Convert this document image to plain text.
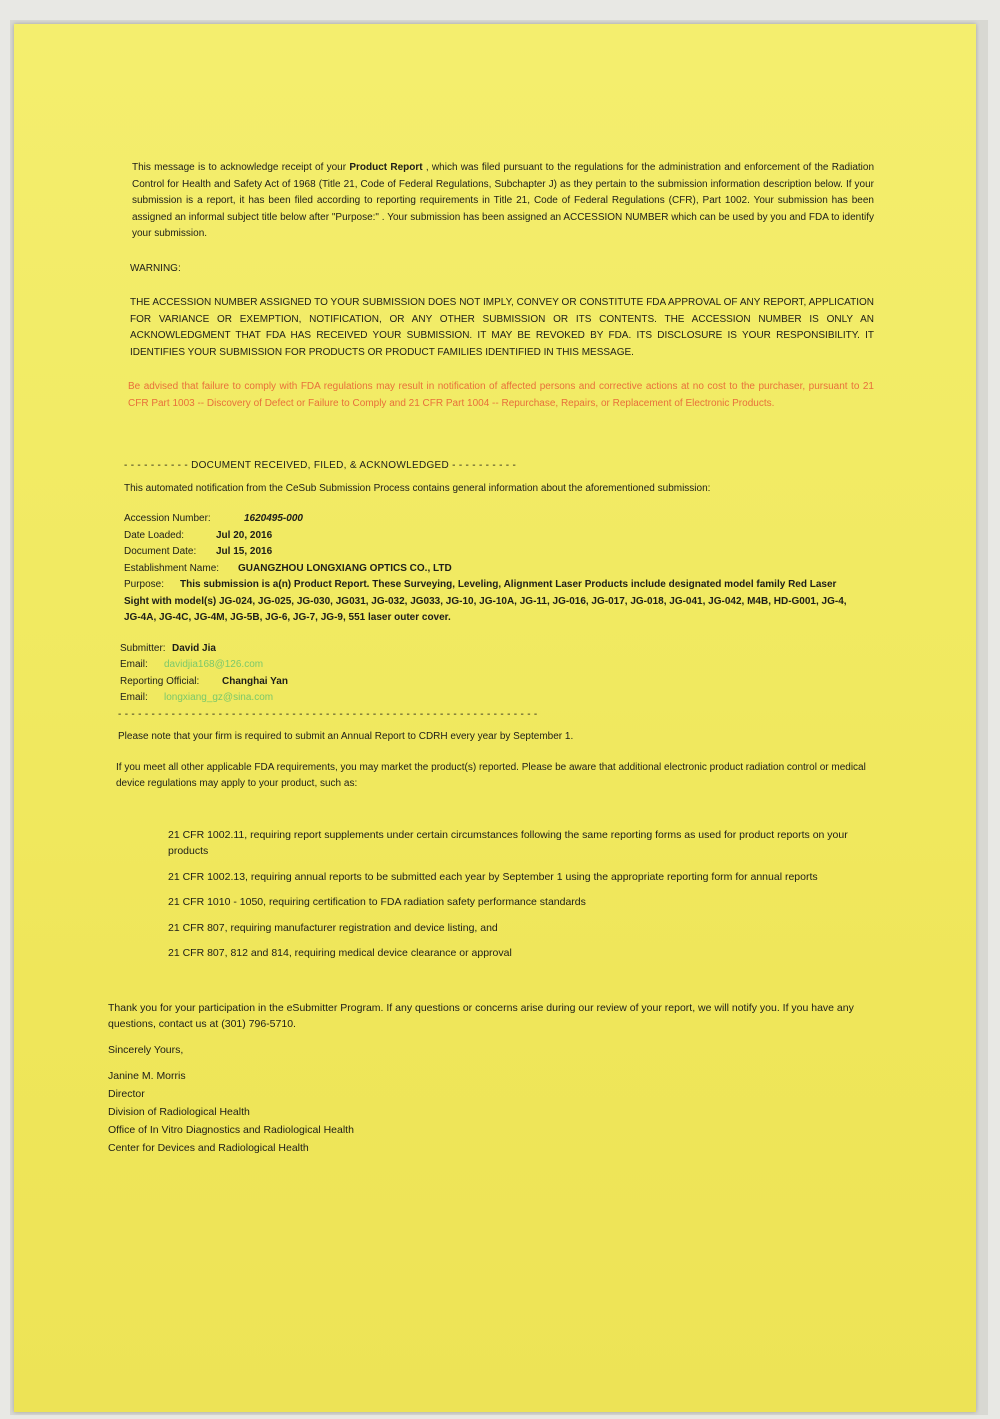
This message is to acknowledge receipt of your Product Report , which was filed pursuant to the regulations for the administration and enforcement of the Radiation Control for Health and Safety Act of 1968 (Title 21, Code of Federal Regulations, Subchapter J) as they pertain to the submission information description below. If your submission is a report, it has been filed according to reporting requirements in Title 21, Code of Federal Regulations (CFR), Part 1002. Your submission has been assigned an informal subject title below after "Purpose:" . Your submission has been assigned an ACCESSION NUMBER which can be used by you and FDA to identify your submission.

WARNING:

THE ACCESSION NUMBER ASSIGNED TO YOUR SUBMISSION DOES NOT IMPLY, CONVEY OR CONSTITUTE FDA APPROVAL OF ANY REPORT, APPLICATION FOR VARIANCE OR EXEMPTION, NOTIFICATION, OR ANY OTHER SUBMISSION OR ITS CONTENTS. THE ACCESSION NUMBER IS ONLY AN ACKNOWLEDGMENT THAT FDA HAS RECEIVED YOUR SUBMISSION. IT MAY BE REVOKED BY FDA. ITS DISCLOSURE IS YOUR RESPONSIBILITY. IT IDENTIFIES YOUR SUBMISSION FOR PRODUCTS OR PRODUCT FAMILIES IDENTIFIED IN THIS MESSAGE.

Be advised that failure to comply with FDA regulations may result in notification of affected persons and corrective actions at no cost to the purchaser, pursuant to 21 CFR Part 1003 -- Discovery of Defect or Failure to Comply and 21 CFR Part 1004 -- Repurchase, Repairs, or Replacement of Electronic Products.

- - - - - - - - - - DOCUMENT RECEIVED, FILED, & ACKNOWLEDGED - - - - - - - - - -

This automated notification from the CeSub Submission Process contains general information about the aforementioned submission:

Accession Number:	1620495-000
Date Loaded:	Jul 20, 2016
Document Date:	Jul 15, 2016
Establishment Name:	GUANGZHOU LONGXIANG OPTICS CO., LTD

Purpose: This submission is a(n) Product Report. These Surveying, Leveling, Alignment Laser Products include designated model family Red Laser Sight with model(s) JG-024, JG-025, JG-030, JG031, JG-032, JG033, JG-10, JG-10A, JG-11, JG-016, JG-017, JG-018, JG-041, JG-042, M4B, HD-G001, JG-4, JG-4A, JG-4C, JG-4M, JG-5B, JG-6, JG-7, JG-9, 551 laser outer cover.

Submitter: David Jia
Email:	davidjia168@126.com
Reporting Official:	Changhai Yan
Email:	longxiang_gz@sina.com

- - - - - - - - - - - - - - - - - - - - - - - - - - - - - - - - - - - - - - - - - - - - - - - - - - - - - - - - - - - - - - -

Please note that your firm is required to submit an Annual Report to CDRH every year by September 1.

If you meet all other applicable FDA requirements, you may market the product(s) reported. Please be aware that additional electronic product radiation control or medical device regulations may apply to your product, such as:

21 CFR 1002.11, requiring report supplements under certain circumstances following the same reporting forms as used for product reports on your products

21 CFR 1002.13, requiring annual reports to be submitted each year by September 1 using the appropriate reporting form for annual reports

21 CFR 1010 - 1050, requiring certification to FDA radiation safety performance standards

21 CFR 807, requiring manufacturer registration and device listing, and

21 CFR 807, 812 and 814, requiring medical device clearance or approval

Thank you for your participation in the eSubmitter Program. If any questions or concerns arise during our review of your report, we will notify you. If you have any questions, contact us at (301) 796-5710.

Sincerely Yours,

Janine M. Morris

Director

Division of Radiological Health

Office of In Vitro Diagnostics and Radiological Health

Center for Devices and Radiological Health
